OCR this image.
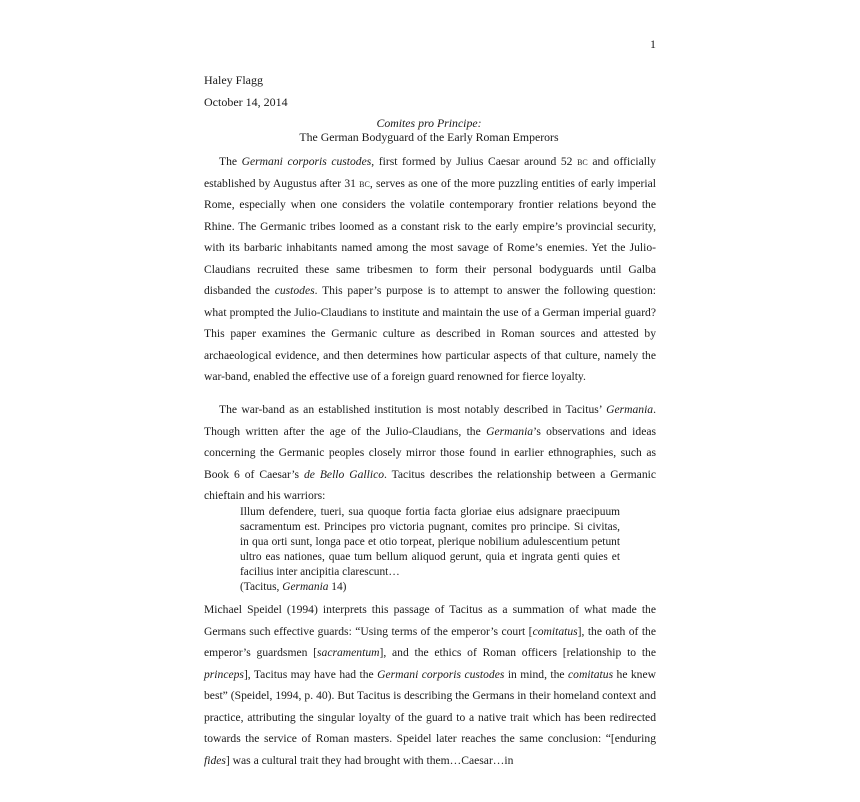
1
Haley Flagg
October 14, 2014
Comites pro Principe:
The German Bodyguard of the Early Roman Emperors

The Germani corporis custodes, first formed by Julius Caesar around 52 bc and officially established by Augustus after 31 bc, serves as one of the more puzzling entities of early imperial Rome, especially when one considers the volatile contemporary frontier relations beyond the Rhine. The Germanic tribes loomed as a constant risk to the early empire’s provincial security, with its barbaric inhabitants named among the most savage of Rome’s enemies. Yet the Julio-Claudians recruited these same tribesmen to form their personal bodyguards until Galba disbanded the custodes. This paper’s purpose is to attempt to answer the following question: what prompted the Julio-Claudians to institute and maintain the use of a German imperial guard? This paper examines the Germanic culture as described in Roman sources and attested by archaeological evidence, and then determines how particular aspects of that culture, namely the war-band, enabled the effective use of a foreign guard renowned for fierce loyalty.

The war-band as an established institution is most notably described in Tacitus’ Germania. Though written after the age of the Julio-Claudians, the Germania’s observations and ideas concerning the Germanic peoples closely mirror those found in earlier ethnographies, such as Book 6 of Caesar’s de Bello Gallico. Tacitus describes the relationship between a Germanic chieftain and his warriors:

Illum defendere, tueri, sua quoque fortia facta gloriae eius adsignare praecipuum sacramentum est. Principes pro victoria pugnant, comites pro principe. Si civitas, in qua orti sunt, longa pace et otio torpeat, plerique nobilium adulescentium petunt ultro eas nationes, quae tum bellum aliquod gerunt, quia et ingrata genti quies et facilius inter ancipitia clarescunt…
(Tacitus, Germania 14)

Michael Speidel (1994) interprets this passage of Tacitus as a summation of what made the Germans such effective guards: “Using terms of the emperor’s court [comitatus], the oath of the emperor’s guardsmen [sacramentum], and the ethics of Roman officers [relationship to the princeps], Tacitus may have had the Germani corporis custodes in mind, the comitatus he knew best” (Speidel, 1994, p. 40). But Tacitus is describing the Germans in their homeland context and practice, attributing the singular loyalty of the guard to a native trait which has been redirected towards the service of Roman masters. Speidel later reaches the same conclusion: “[enduring fides] was a cultural trait they had brought with them…Caesar…in
